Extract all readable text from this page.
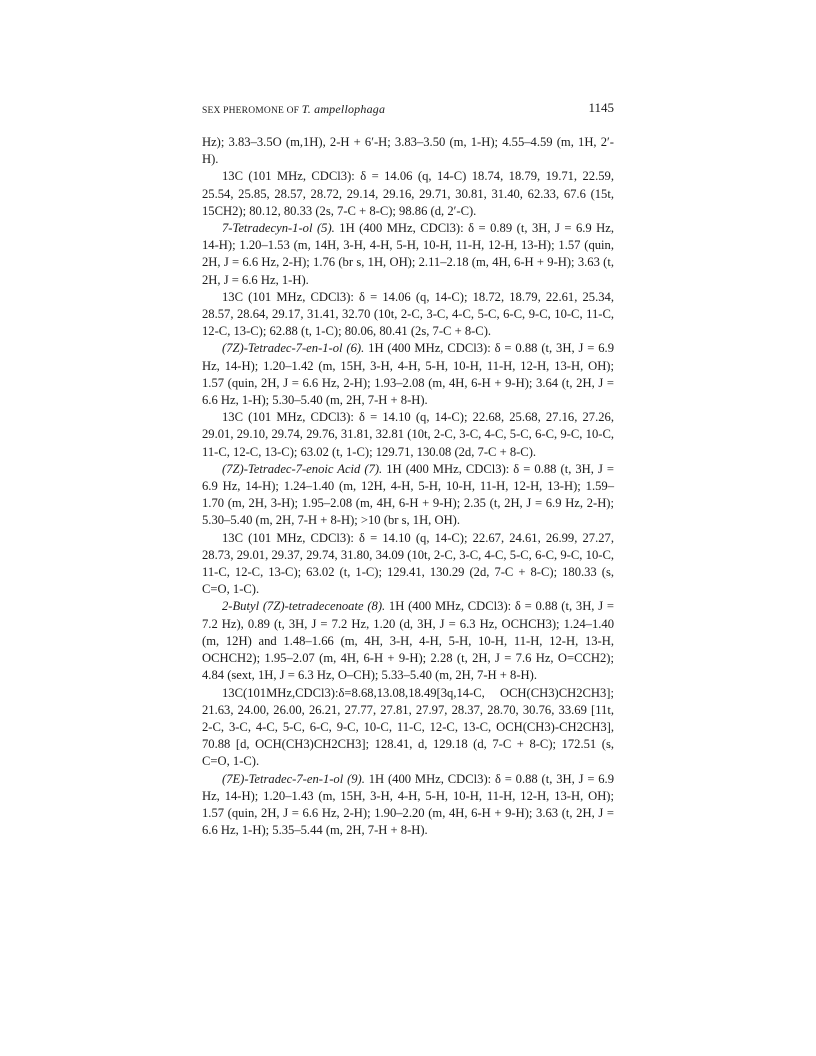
SEX PHEROMONE OF T. ampellophaga	1145

Hz); 3.83–3.5O (m,1H), 2-H + 6′-H; 3.83–3.50 (m, 1-H); 4.55–4.59 (m, 1H, 2′-H).

13C (101 MHz, CDCl3): δ = 14.06 (q, 14-C) 18.74, 18.79, 19.71, 22.59, 25.54, 25.85, 28.57, 28.72, 29.14, 29.16, 29.71, 30.81, 31.40, 62.33, 67.6 (15t, 15CH2); 80.12, 80.33 (2s, 7-C + 8-C); 98.86 (d, 2′-C).

7-Tetradecyn-1-ol (5). 1H (400 MHz, CDCl3): δ = 0.89 (t, 3H, J = 6.9 Hz, 14-H); 1.20–1.53 (m, 14H, 3-H, 4-H, 5-H, 10-H, 11-H, 12-H, 13-H); 1.57 (quin, 2H, J = 6.6 Hz, 2-H); 1.76 (br s, 1H, OH); 2.11–2.18 (m, 4H, 6-H + 9-H); 3.63 (t, 2H, J = 6.6 Hz, 1-H).

13C (101 MHz, CDCl3): δ = 14.06 (q, 14-C); 18.72, 18.79, 22.61, 25.34, 28.57, 28.64, 29.17, 31.41, 32.70 (10t, 2-C, 3-C, 4-C, 5-C, 6-C, 9-C, 10-C, 11-C, 12-C, 13-C); 62.88 (t, 1-C); 80.06, 80.41 (2s, 7-C + 8-C).

(7Z)-Tetradec-7-en-1-ol (6). 1H (400 MHz, CDCl3): δ = 0.88 (t, 3H, J = 6.9 Hz, 14-H); 1.20–1.42 (m, 15H, 3-H, 4-H, 5-H, 10-H, 11-H, 12-H, 13-H, OH); 1.57 (quin, 2H, J = 6.6 Hz, 2-H); 1.93–2.08 (m, 4H, 6-H + 9-H); 3.64 (t, 2H, J = 6.6 Hz, 1-H); 5.30–5.40 (m, 2H, 7-H + 8-H).

13C (101 MHz, CDCl3): δ = 14.10 (q, 14-C); 22.68, 25.68, 27.16, 27.26, 29.01, 29.10, 29.74, 29.76, 31.81, 32.81 (10t, 2-C, 3-C, 4-C, 5-C, 6-C, 9-C, 10-C, 11-C, 12-C, 13-C); 63.02 (t, 1-C); 129.71, 130.08 (2d, 7-C + 8-C).

(7Z)-Tetradec-7-enoic Acid (7). 1H (400 MHz, CDCl3): δ = 0.88 (t, 3H, J = 6.9 Hz, 14-H); 1.24–1.40 (m, 12H, 4-H, 5-H, 10-H, 11-H, 12-H, 13-H); 1.59–1.70 (m, 2H, 3-H); 1.95–2.08 (m, 4H, 6-H + 9-H); 2.35 (t, 2H, J = 6.9 Hz, 2-H); 5.30–5.40 (m, 2H, 7-H + 8-H); >10 (br s, 1H, OH).

13C (101 MHz, CDCl3): δ = 14.10 (q, 14-C); 22.67, 24.61, 26.99, 27.27, 28.73, 29.01, 29.37, 29.74, 31.80, 34.09 (10t, 2-C, 3-C, 4-C, 5-C, 6-C, 9-C, 10-C, 11-C, 12-C, 13-C); 63.02 (t, 1-C); 129.41, 130.29 (2d, 7-C + 8-C); 180.33 (s, C=O, 1-C).

2-Butyl (7Z)-tetradecenoate (8). 1H (400 MHz, CDCl3): δ = 0.88 (t, 3H, J = 7.2 Hz), 0.89 (t, 3H, J = 7.2 Hz, 1.20 (d, 3H, J = 6.3 Hz, OCHCH3); 1.24–1.40 (m, 12H) and 1.48–1.66 (m, 4H, 3-H, 4-H, 5-H, 10-H, 11-H, 12-H, 13-H, OCHCH2); 1.95–2.07 (m, 4H, 6-H + 9-H); 2.28 (t, 2H, J = 7.6 Hz, O=CCH2); 4.84 (sext, 1H, J = 6.3 Hz, O–CH); 5.33–5.40 (m, 2H, 7-H + 8-H).

13C(101MHz,CDCl3):δ=8.68,13.08,18.49[3q,14-C, OCH(CH3)CH2CH3]; 21.63, 24.00, 26.00, 26.21, 27.77, 27.81, 27.97, 28.37, 28.70, 30.76, 33.69 [11t, 2-C, 3-C, 4-C, 5-C, 6-C, 9-C, 10-C, 11-C, 12-C, 13-C, OCH(CH3)-CH2CH3], 70.88 [d, OCH(CH3)CH2CH3]; 128.41, d, 129.18 (d, 7-C + 8-C); 172.51 (s, C=O, 1-C).

(7E)-Tetradec-7-en-1-ol (9). 1H (400 MHz, CDCl3): δ = 0.88 (t, 3H, J = 6.9 Hz, 14-H); 1.20–1.43 (m, 15H, 3-H, 4-H, 5-H, 10-H, 11-H, 12-H, 13-H, OH); 1.57 (quin, 2H, J = 6.6 Hz, 2-H); 1.90–2.20 (m, 4H, 6-H + 9-H); 3.63 (t, 2H, J = 6.6 Hz, 1-H); 5.35–5.44 (m, 2H, 7-H + 8-H).
